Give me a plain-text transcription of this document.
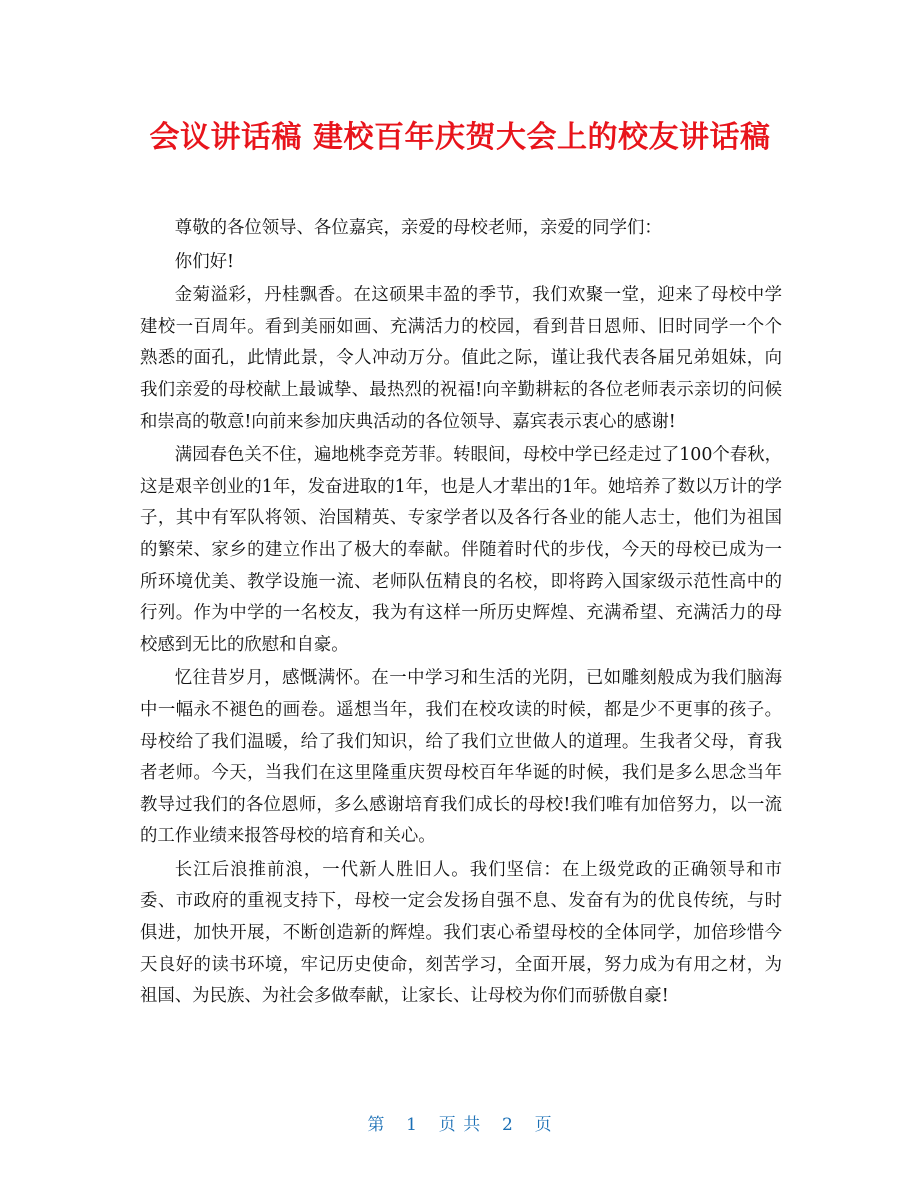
会议讲话稿 建校百年庆贺大会上的校友讲话稿

尊敬的各位领导、各位嘉宾，亲爱的母校老师，亲爱的同学们：

你们好!

金菊溢彩，丹桂飘香。在这硕果丰盈的季节，我们欢聚一堂，迎来了母校中学建校一百周年。看到美丽如画、充满活力的校园，看到昔日恩师、旧时同学一个个熟悉的面孔，此情此景，令人冲动万分。值此之际，谨让我代表各届兄弟姐妹，向我们亲爱的母校献上最诚挚、最热烈的祝福!向辛勤耕耘的各位老师表示亲切的问候和崇高的敬意!向前来参加庆典活动的各位领导、嘉宾表示衷心的感谢!

满园春色关不住，遍地桃李竞芳菲。转眼间，母校中学已经走过了100个春秋，这是艰辛创业的1年，发奋进取的1年，也是人才辈出的1年。她培养了数以万计的学子，其中有军队将领、治国精英、专家学者以及各行各业的能人志士，他们为祖国的繁荣、家乡的建立作出了极大的奉献。伴随着时代的步伐，今天的母校已成为一所环境优美、教学设施一流、老师队伍精良的名校，即将跨入国家级示范性高中的行列。作为中学的一名校友，我为有这样一所历史辉煌、充满希望、充满活力的母校感到无比的欣慰和自豪。

忆往昔岁月，感慨满怀。在一中学习和生活的光阴，已如雕刻般成为我们脑海中一幅永不褪色的画卷。遥想当年，我们在校攻读的时候，都是少不更事的孩子。母校给了我们温暖，给了我们知识，给了我们立世做人的道理。生我者父母，育我者老师。今天，当我们在这里隆重庆贺母校百年华诞的时候，我们是多么思念当年教导过我们的各位恩师，多么感谢培育我们成长的母校!我们唯有加倍努力，以一流的工作业绩来报答母校的培育和关心。

长江后浪推前浪，一代新人胜旧人。我们坚信：在上级党政的正确领导和市委、市政府的重视支持下，母校一定会发扬自强不息、发奋有为的优良传统，与时俱进，加快开展，不断创造新的辉煌。我们衷心希望母校的全体同学，加倍珍惜今天良好的读书环境，牢记历史使命，刻苦学习，全面开展，努力成为有用之材，为祖国、为民族、为社会多做奉献，让家长、让母校为你们而骄傲自豪!

第 1 页 共 2 页
